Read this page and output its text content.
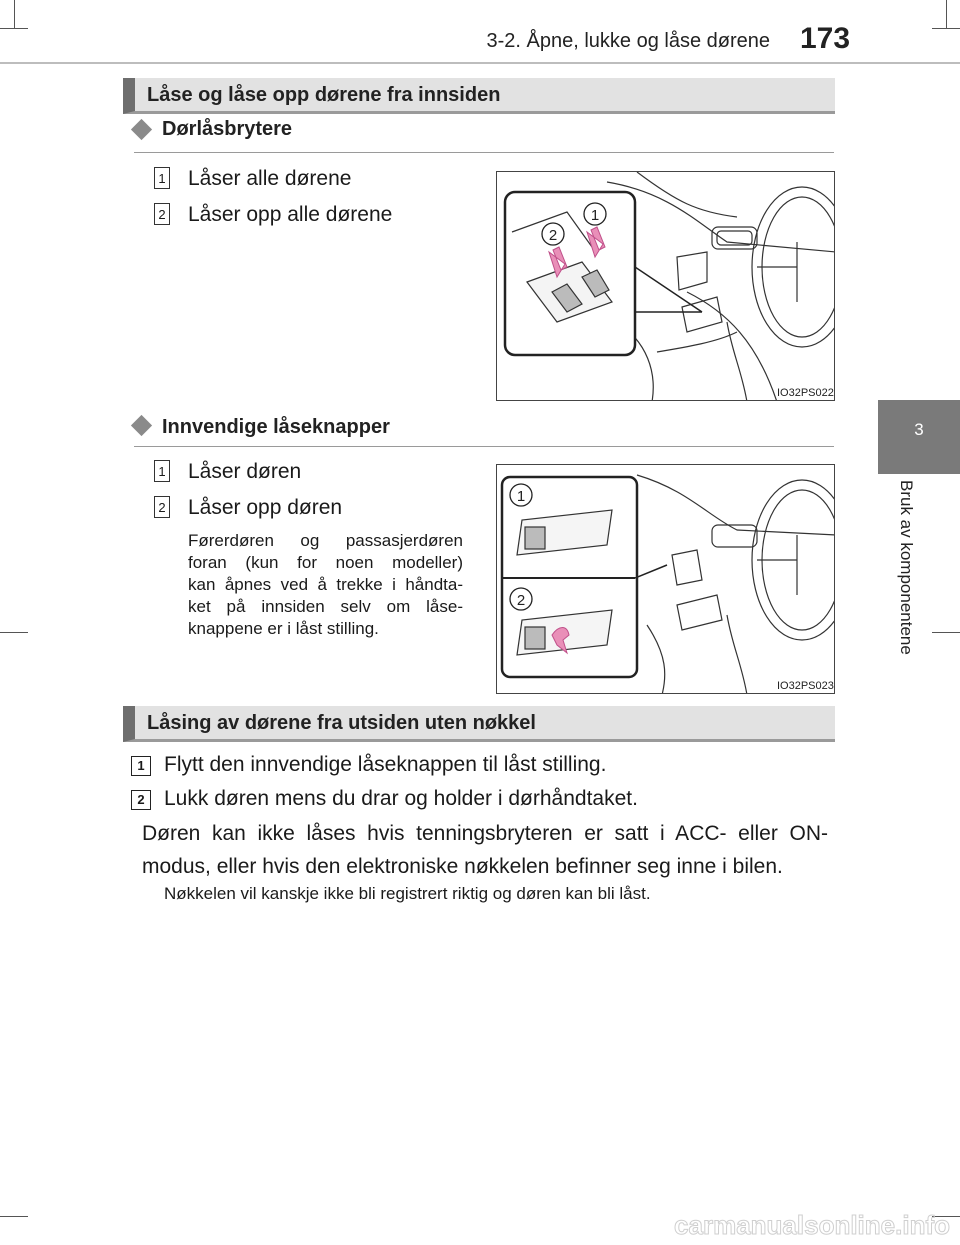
3-2. Åpne, lukke og låse dørene 173
3
Bruk av komponentene
Låse og låse opp dørene fra innsiden
Dørlåsbrytere
1 Låser alle dørene
2 Låser opp alle dørene	1
2
IO32PS022
Innvendige låseknapper
1 Låser døren
2 Låser opp døren
Førerdøren og passasjerdøren
foran (kun for noen modeller)
kan åpnes ved å trekke i håndta-
ket på innsiden selv om låse-
knappene er i låst stilling.
1
2
IO32PS023
Låsing av dørene fra utsiden uten nøkkel
1 Flytt den innvendige låseknappen til låst stilling.
2 Lukk døren mens du drar og holder i dørhåndtaket.
Døren kan ikke låses hvis tenningsbryteren er satt i ACC- eller ON-
modus, eller hvis den elektroniske nøkkelen befinner seg inne i bilen.
Nøkkelen vil kanskje ikke bli registrert riktig og døren kan bli låst.
carmanualsonline.info
